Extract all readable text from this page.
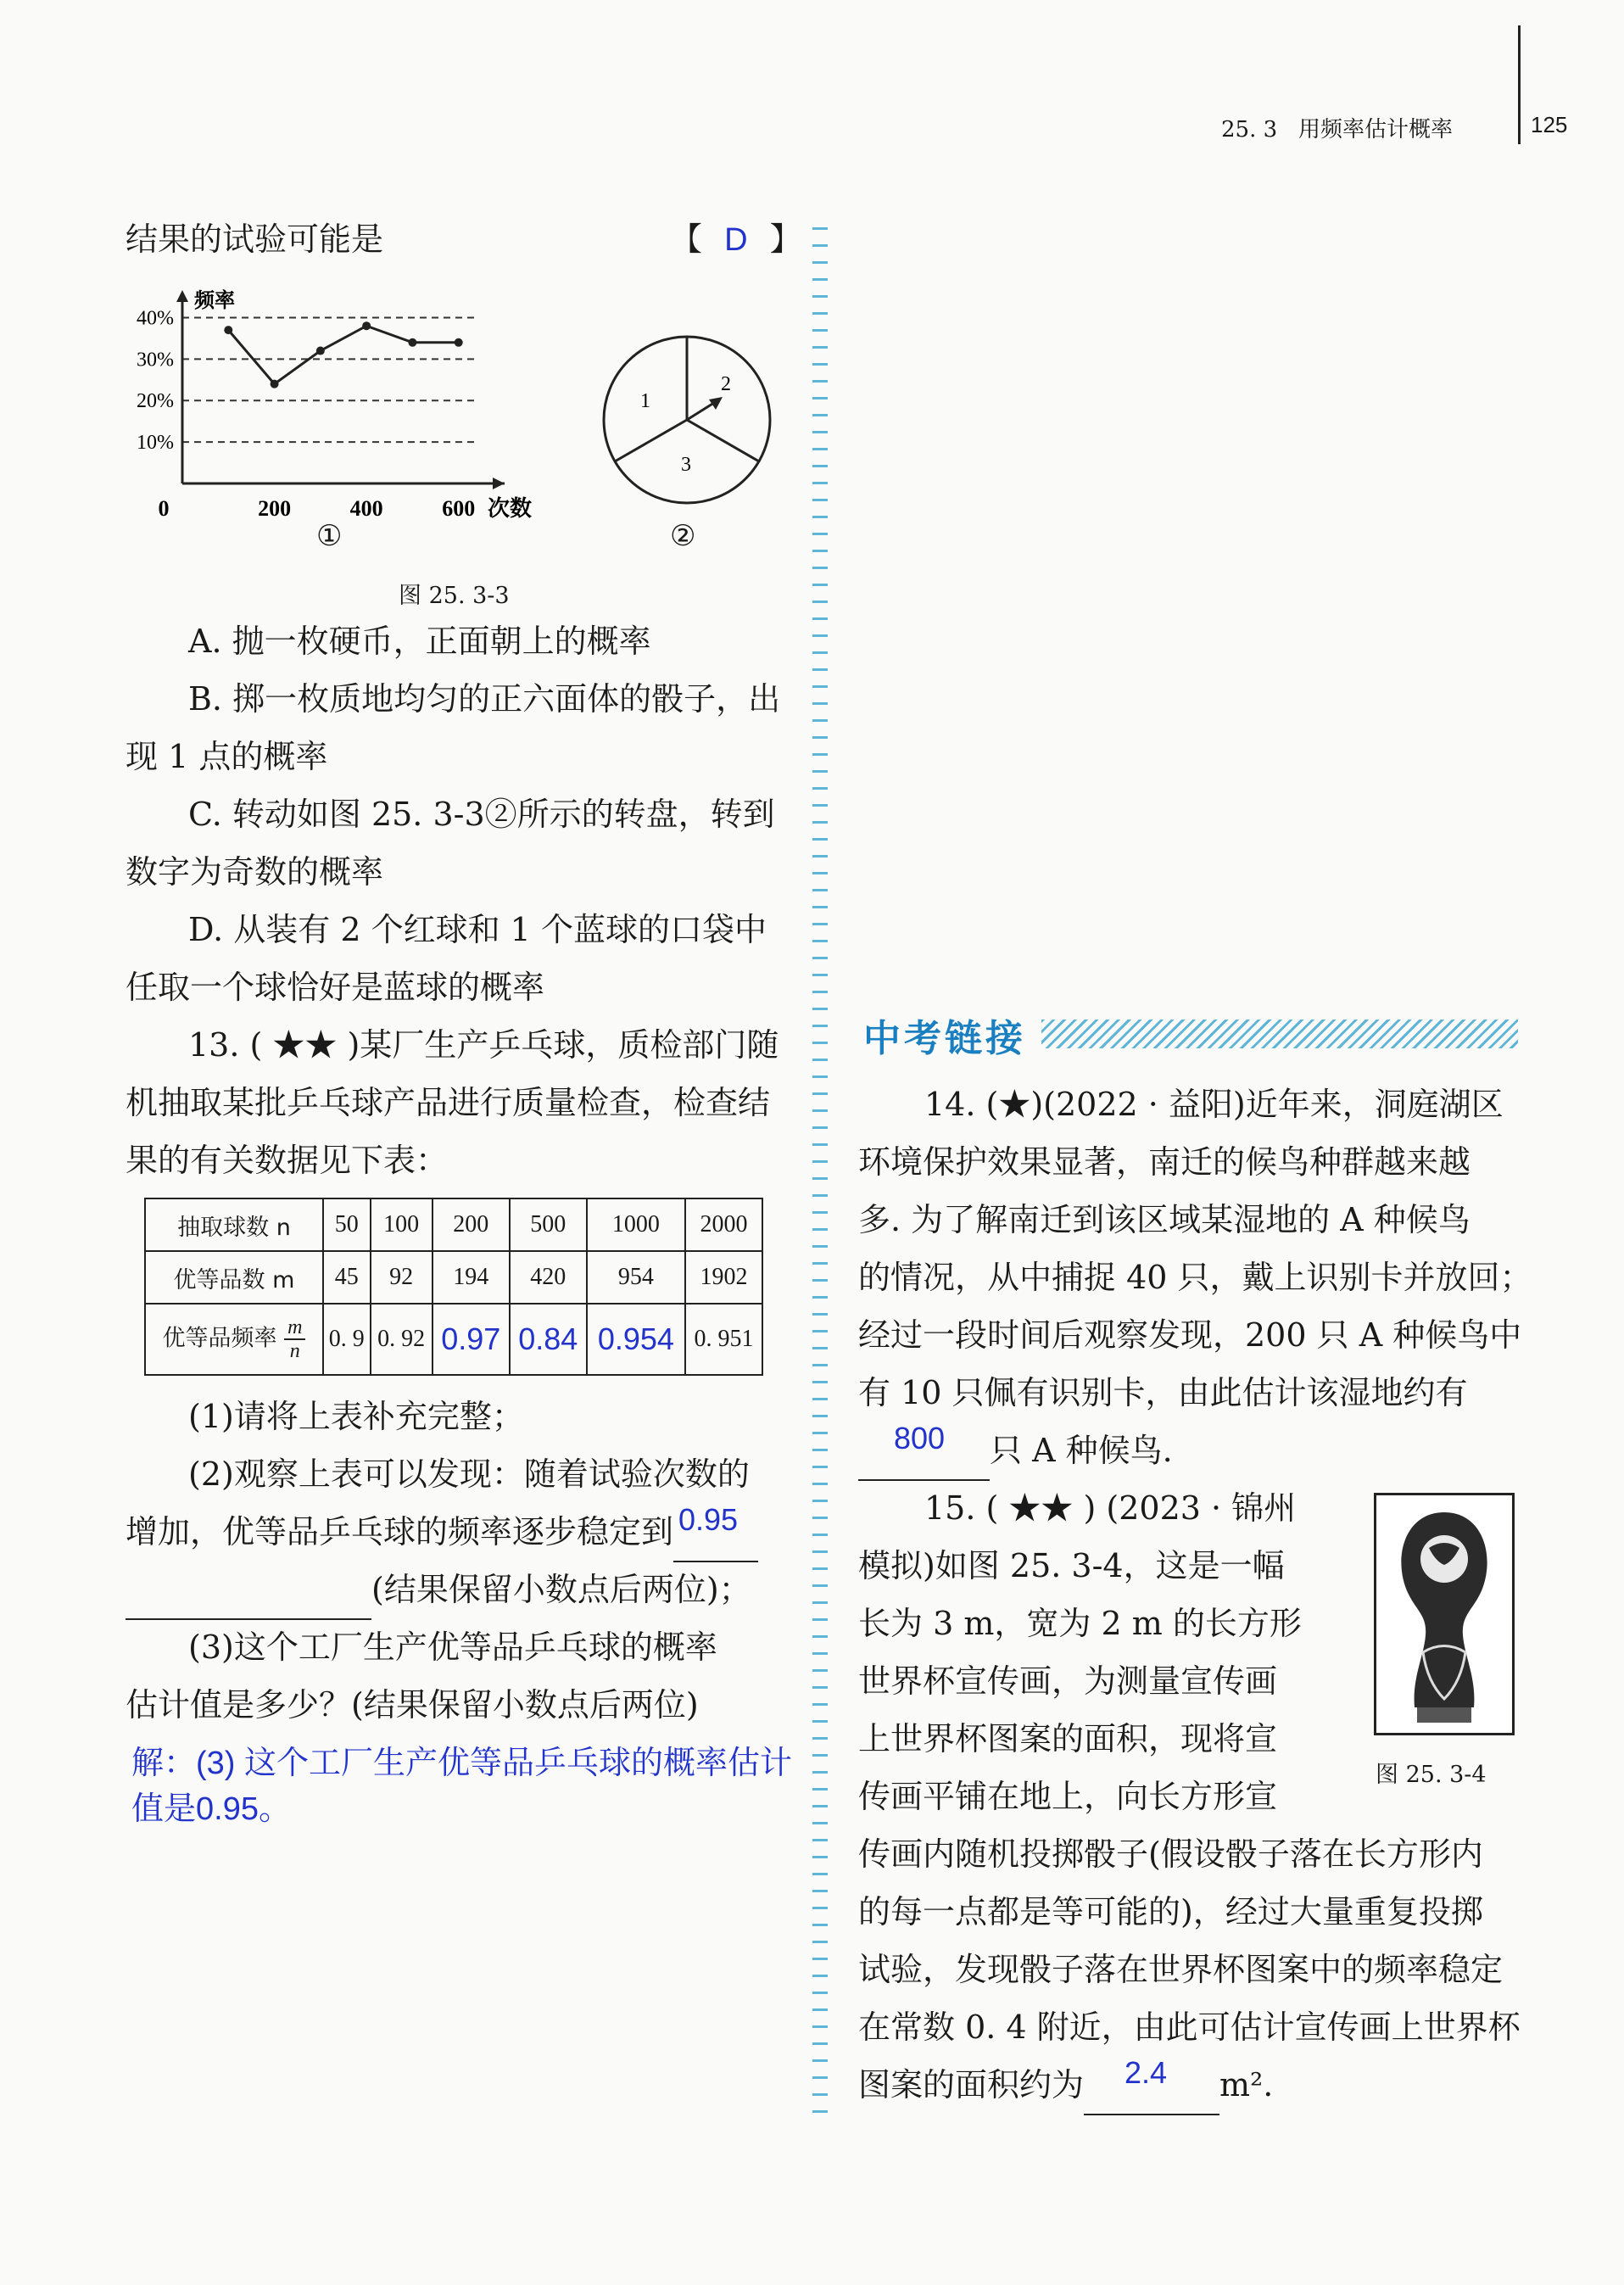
25. 3 用频率估计概率	125
结果的试验可能是	【 D 】
10%
20%
30%
40%
0	200	400	600 次数
频率
①
1
2
3
②
图 25. 3-3
A. 抛一枚硬币，正面朝上的概率
B. 掷一枚质地均匀的正六面体的骰子，出
现 1 点的概率
C. 转动如图 25. 3-3②所示的转盘，转到
数字为奇数的概率
D. 从装有 2 个红球和 1 个蓝球的口袋中
任取一个球恰好是蓝球的概率
13. ( ★★ )某厂生产乒乓球，质检部门随
机抽取某批乒乓球产品进行质量检查，检查结
果的有关数据见下表：
抽取球数 n	50	100	200	500	1000	2000
优等品数 m	45	92	194	420	954	1902
优等品频率 $\frac{m}{n}$	0. 9	0. 92	0.97	0.84	0.954	0. 951
(1)请将上表补充完整；
(2)观察上表可以发现：随着试验次数的
增加，优等品乒乓球的频率逐步稳定到 0.95

(结果保留小数点后两位)；
(3)这个工厂生产优等品乒乓球的概率
估计值是多少？(结果保留小数点后两位)
解：(3) 这个工厂生产优等品乒乓球的概率估计
值是0.95。
中考链接
14. (★)(2022 · 益阳)近年来，洞庭湖区
环境保护效果显著，南迁的候鸟种群越来越
多. 为了解南迁到该区域某湿地的 A 种候鸟
的情况，从中捕捉 40 只，戴上识别卡并放回；
经过一段时间后观察发现，200 只 A 种候鸟中
有 10 只佩有识别卡，由此估计该湿地约有
800 只 A 种候鸟.
15. ( ★★ ) (2023 · 锦州
模拟)如图 25. 3-4，这是一幅
长为 3 m，宽为 2 m 的长方形
世界杯宣传画，为测量宣传画
上世界杯图案的面积，现将宣
传画平铺在地上，向长方形宣
传画内随机投掷骰子(假设骰子落在长方形内
的每一点都是等可能的)，经过大量重复投掷
试验，发现骰子落在世界杯图案中的频率稳定
在常数 0. 4 附近，由此可估计宣传画上世界杯
图案的面积约为 2.4 m².
图 25. 3-4
